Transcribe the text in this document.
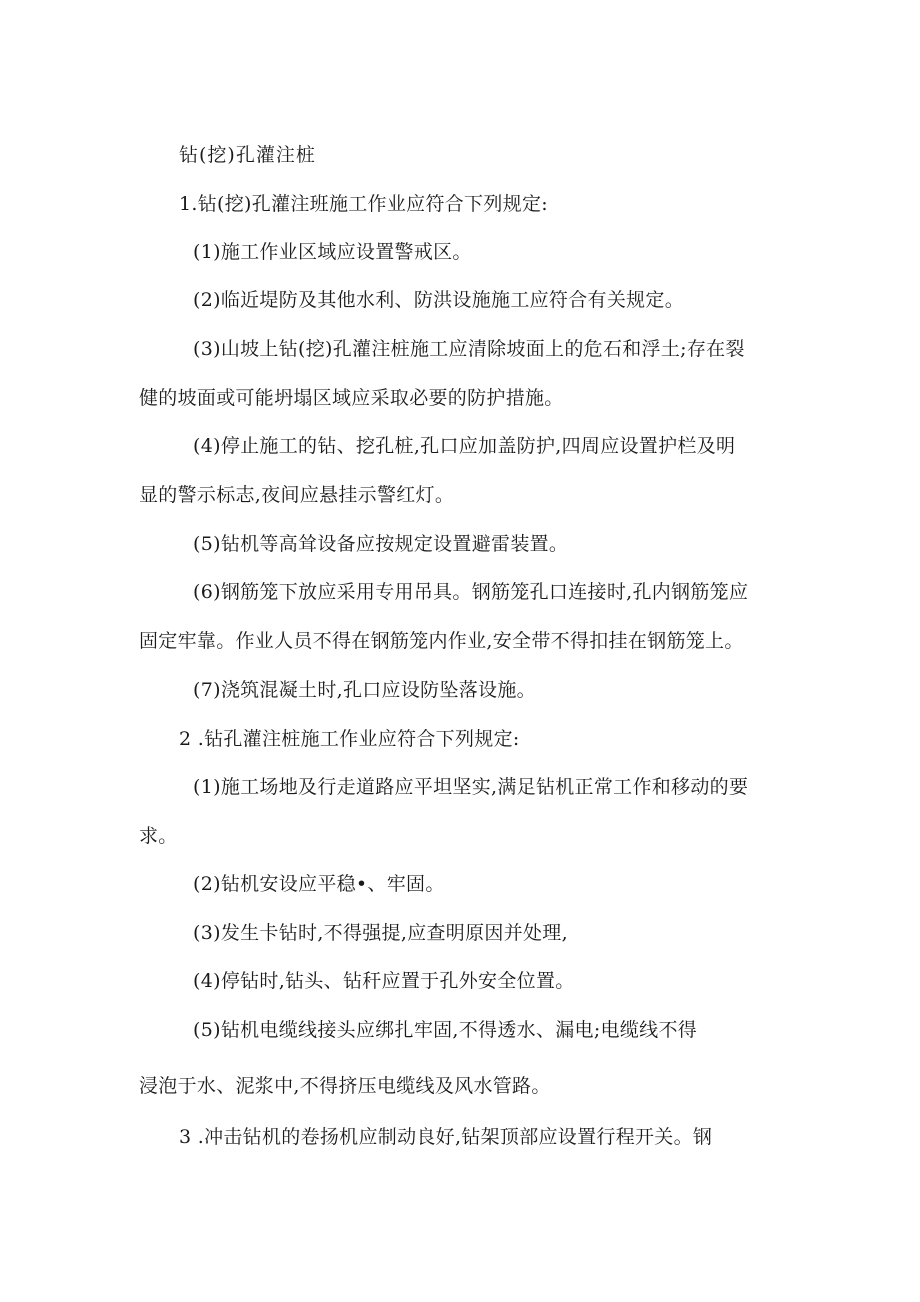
钻(挖)孔灌注桩
1.钻(挖)孔灌注班施工作业应符合下列规定:
(1)施工作业区域应设置警戒区。
(2)临近堤防及其他水利、防洪设施施工应符合有关规定。
(3)山坡上钻(挖)孔灌注桩施工应清除坡面上的危石和浮土;存在裂
健的坡面或可能坍塌区域应采取必要的防护措施。
(4)停止施工的钻、挖孔桩,孔口应加盖防护,四周应设置护栏及明
显的警示标志,夜间应悬挂示警红灯。
(5)钻机等高耸设备应按规定设置避雷装置。
(6)钢筋笼下放应采用专用吊具。钢筋笼孔口连接时,孔内钢筋笼应
固定牢靠。作业人员不得在钢筋笼内作业,安全带不得扣挂在钢筋笼上。
(7)浇筑混凝土时,孔口应设防坠落设施。
2 .钻孔灌注桩施工作业应符合下列规定:
(1)施工场地及行走道路应平坦坚实,满足钻机正常工作和移动的要
求。
(2)钻机安设应平稳•、牢固。
(3)发生卡钻时,不得强提,应查明原因并处理,
(4)停钻时,钻头、钻秆应置于孔外安全位置。
(5)钻机电缆线接头应绑扎牢固,不得透水、漏电;电缆线不得
浸泡于水、泥浆中,不得挤压电缆线及风水管路。
3 .冲击钻机的卷扬机应制动良好,钻架顶部应设置行程开关。钢
